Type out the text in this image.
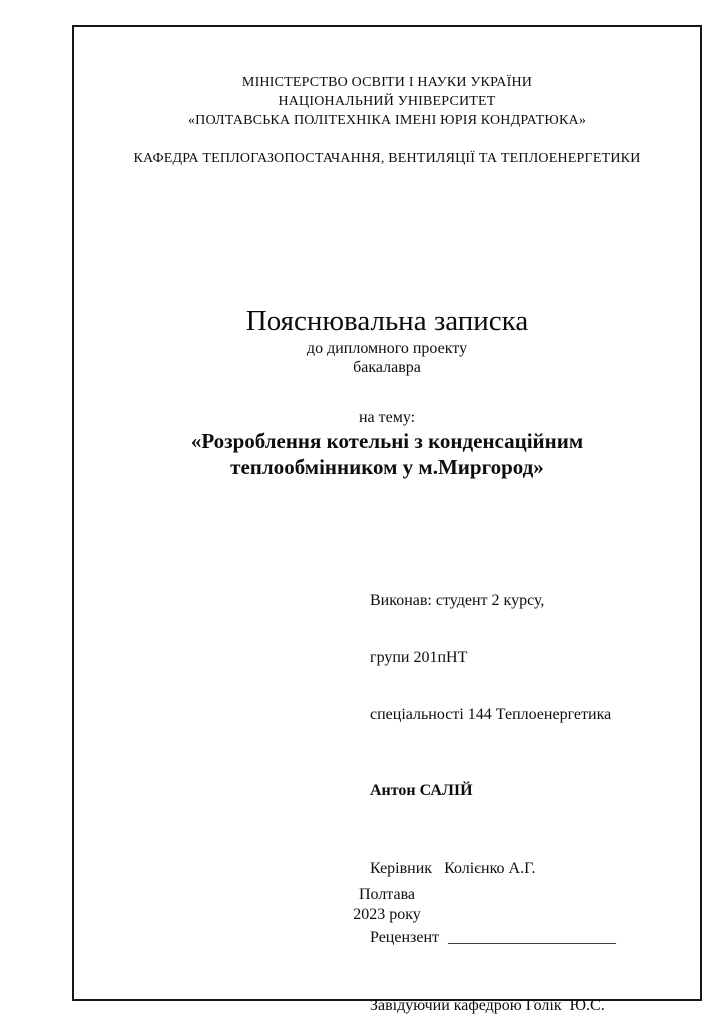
МІНІСТЕРСТВО ОСВІТИ І НАУКИ УКРАЇНИ
НАЦІОНАЛЬНИЙ УНІВЕРСИТЕТ
«ПОЛТАВСЬКА ПОЛІТЕХНІКА ІМЕНІ ЮРІЯ КОНДРАТЮКА»
КАФЕДРА ТЕПЛОГАЗОПОСТАЧАННЯ, ВЕНТИЛЯЦІЇ ТА ТЕПЛОЕНЕРГЕТИКИ
Пояснювальна записка
до дипломного проекту
бакалавра
на тему:
«Розроблення котельні з конденсаційним
теплообмінником у м.Миргород»

Виконав: студент 2 курсу,

групи 201пНТ

спеціальності 144 Теплоенергетика

Антон САЛІЙ

Керівник   Колієнко А.Г.

Рецензент _____________________

Завідуючий кафедрою Голік  Ю.С.

Полтава
2023 року
